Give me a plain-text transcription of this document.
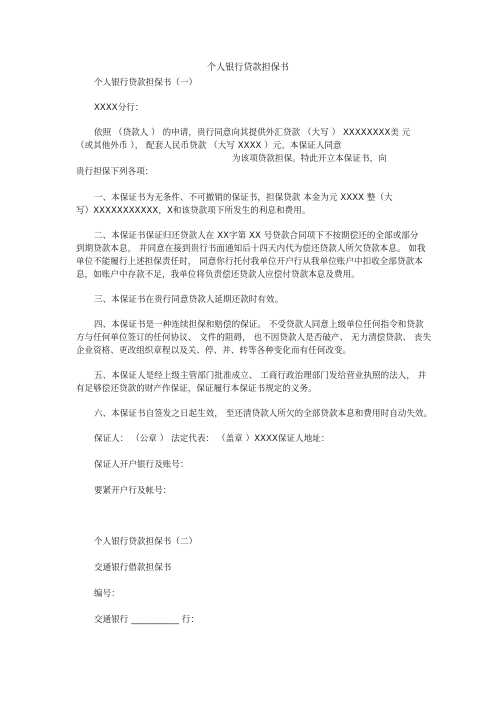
个人银行贷款担保书

个人银行贷款担保书（一）

XXXX分行：

依照 （贷款人 ） 的申请，贵行同意向其提供外汇贷款 （大写 ） XXXXXXXX美 元

（或其他外币 ）， 配套人民币贷款 （大写 XXXX ）元。本保证人同意

为该项贷款担保。特此开立本保证书，向

贵行担保下列各项：

一、本保证书为无条件、不可撤销的保证书，担保贷款 本金为元 XXXX 整（大

写）XXXXXXXXXXX，X和该贷款项下所发生的利息和费用。

二、本保证书保证归还贷款人在 XX字第 XX 号贷款合同项下不按期偿还的全部或部分

到期贷款本息， 并同意在接到贵行书面通知后十四天内代为偿还贷款人所欠贷款本息。 如我

单位不能履行上述担保责任时， 同意你行托付我单位开户行从我单位账户中扣收全部贷款本

息，如账户中存款不足，我单位将负责偿还贷款人应偿付贷款本息及费用。

三、本保证书在贵行同意贷款人延期还款时有效。

四、本保证书是一种连续担保和赔偿的保证。 不受贷款人同意上级单位任何指令和贷款

方与任何单位签订的任何协议、 文件的阻碍， 也不因贷款人是否破产、 无力清偿贷款、 丧失

企业资格、更改组织章程以及关、停、并、转等各种变化而有任何改变。

五、本保证人是经上级主管部门批准成立、 工商行政治理部门发给营业执照的法人， 并

有足够偿还贷款的财产作保证，保证履行本保证书规定的义务。

六、本保证书自签发之日起生效， 至还清贷款人所欠的全部贷款本息和费用时自动失效。

保证人： （公章 ） 法定代表： （盖章 ）XXXX保证人地址：

保证人开户银行及账号：

要紧开户行及帐号：

个人银行贷款担保书（二）

交通银行借款担保书

编号：

交通银行 ___________ 行：
